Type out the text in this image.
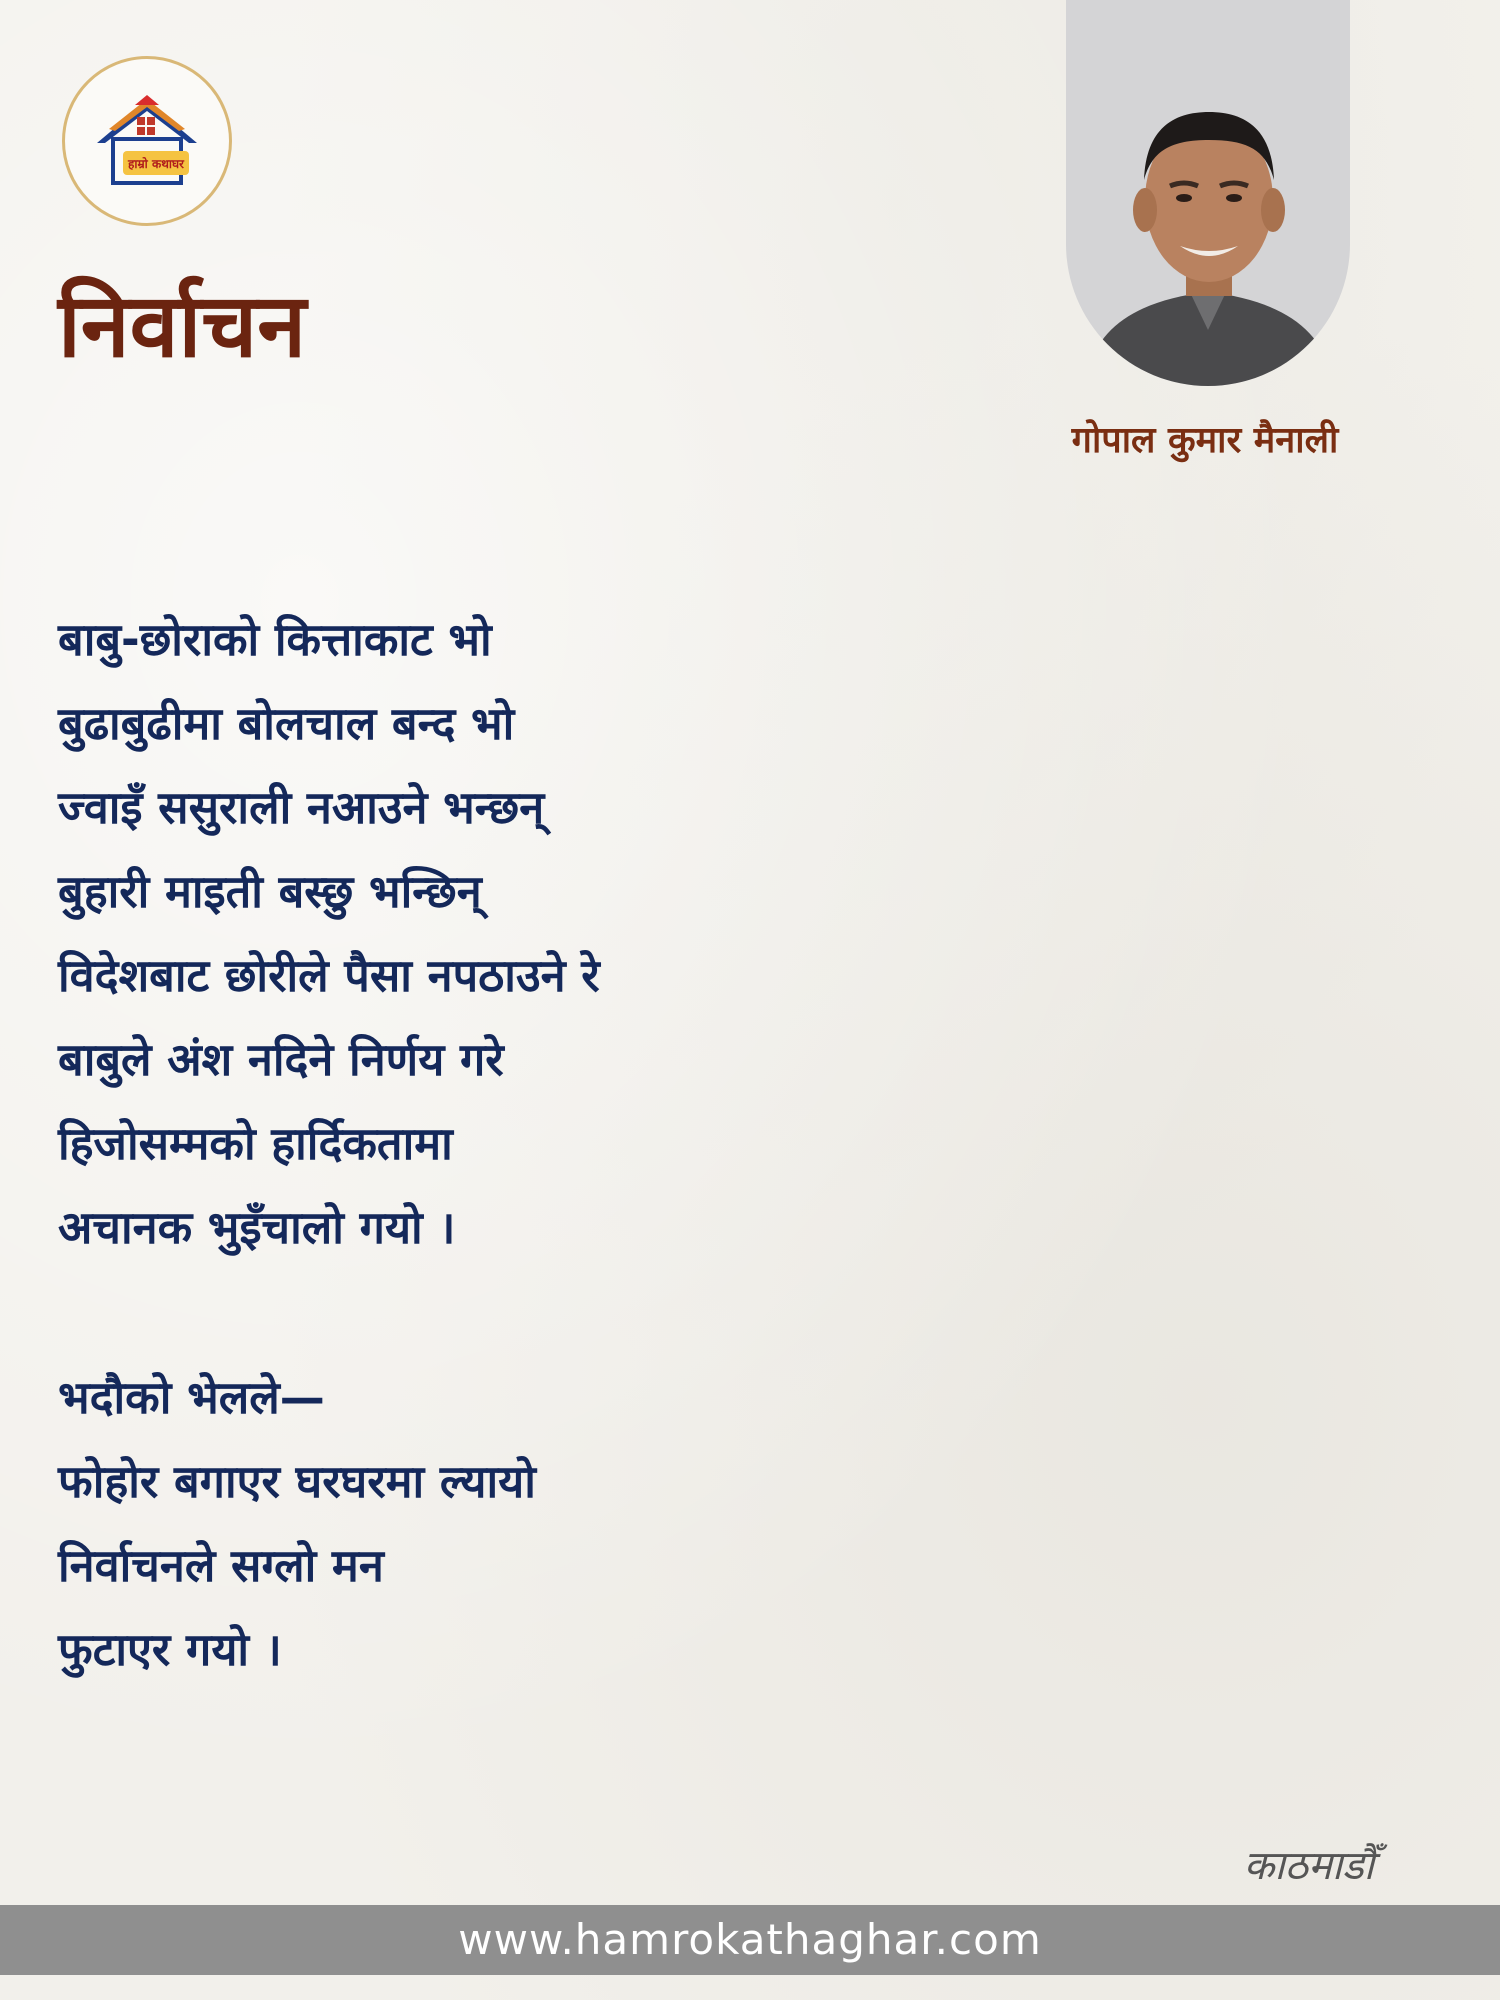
हाम्रो कथाघर
निर्वाचन

गोपाल कुमार मैनाली

बाबु-छोराको कित्ताकाट भो
बुढाबुढीमा बोलचाल बन्द भो
ज्वाइँ ससुराली नआउने भन्छन्
बुहारी माइती बस्छु भन्छिन्
विदेशबाट छोरीले पैसा नपठाउने रे
बाबुले अंश नदिने निर्णय गरे
हिजोसम्मको हार्दिकतामा
अचानक भुइँचालो गयो ।
भदौको भेलले—
फोहोर बगाएर घरघरमा ल्यायो
निर्वाचनले सग्लो मन
फुटाएर गयो ।

काठमाडौँ

www.hamrokathaghar.com
